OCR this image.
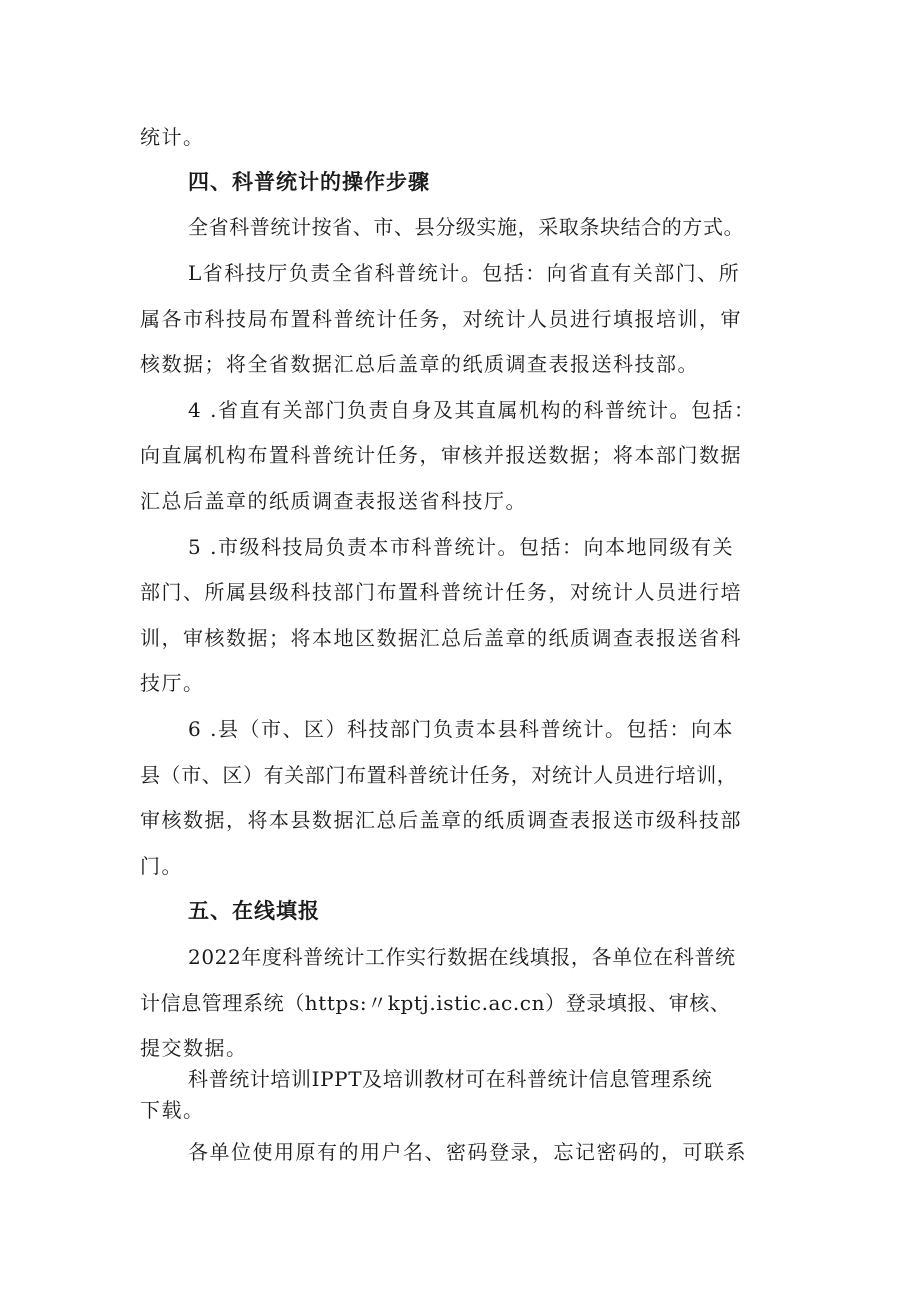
统计。
四、科普统计的操作步骤
全省科普统计按省、市、县分级实施，采取条块结合的方式。
L省科技厅负责全省科普统计。包括：向省直有关部门、所
属各市科技局布置科普统计任务，对统计人员进行填报培训，审
核数据；将全省数据汇总后盖章的纸质调查表报送科技部。
4 .省直有关部门负责自身及其直属机构的科普统计。包括：
向直属机构布置科普统计任务，审核并报送数据；将本部门数据
汇总后盖章的纸质调查表报送省科技厅。
5 .市级科技局负责本市科普统计。包括：向本地同级有关
部门、所属县级科技部门布置科普统计任务，对统计人员进行培
训，审核数据；将本地区数据汇总后盖章的纸质调查表报送省科
技厅。
6 .县（市、区）科技部门负责本县科普统计。包括：向本
县（市、区）有关部门布置科普统计任务，对统计人员进行培训，
审核数据，将本县数据汇总后盖章的纸质调查表报送市级科技部
门。
五、在线填报
2022年度科普统计工作实行数据在线填报，各单位在科普统
计信息管理系统（https:〃kptj.istic.ac.cn）登录填报、审核、
提交数据。
科普统计培训IPPT及培训教材可在科普统计信息管理系统
下载。
各单位使用原有的用户名、密码登录，忘记密码的，可联系
